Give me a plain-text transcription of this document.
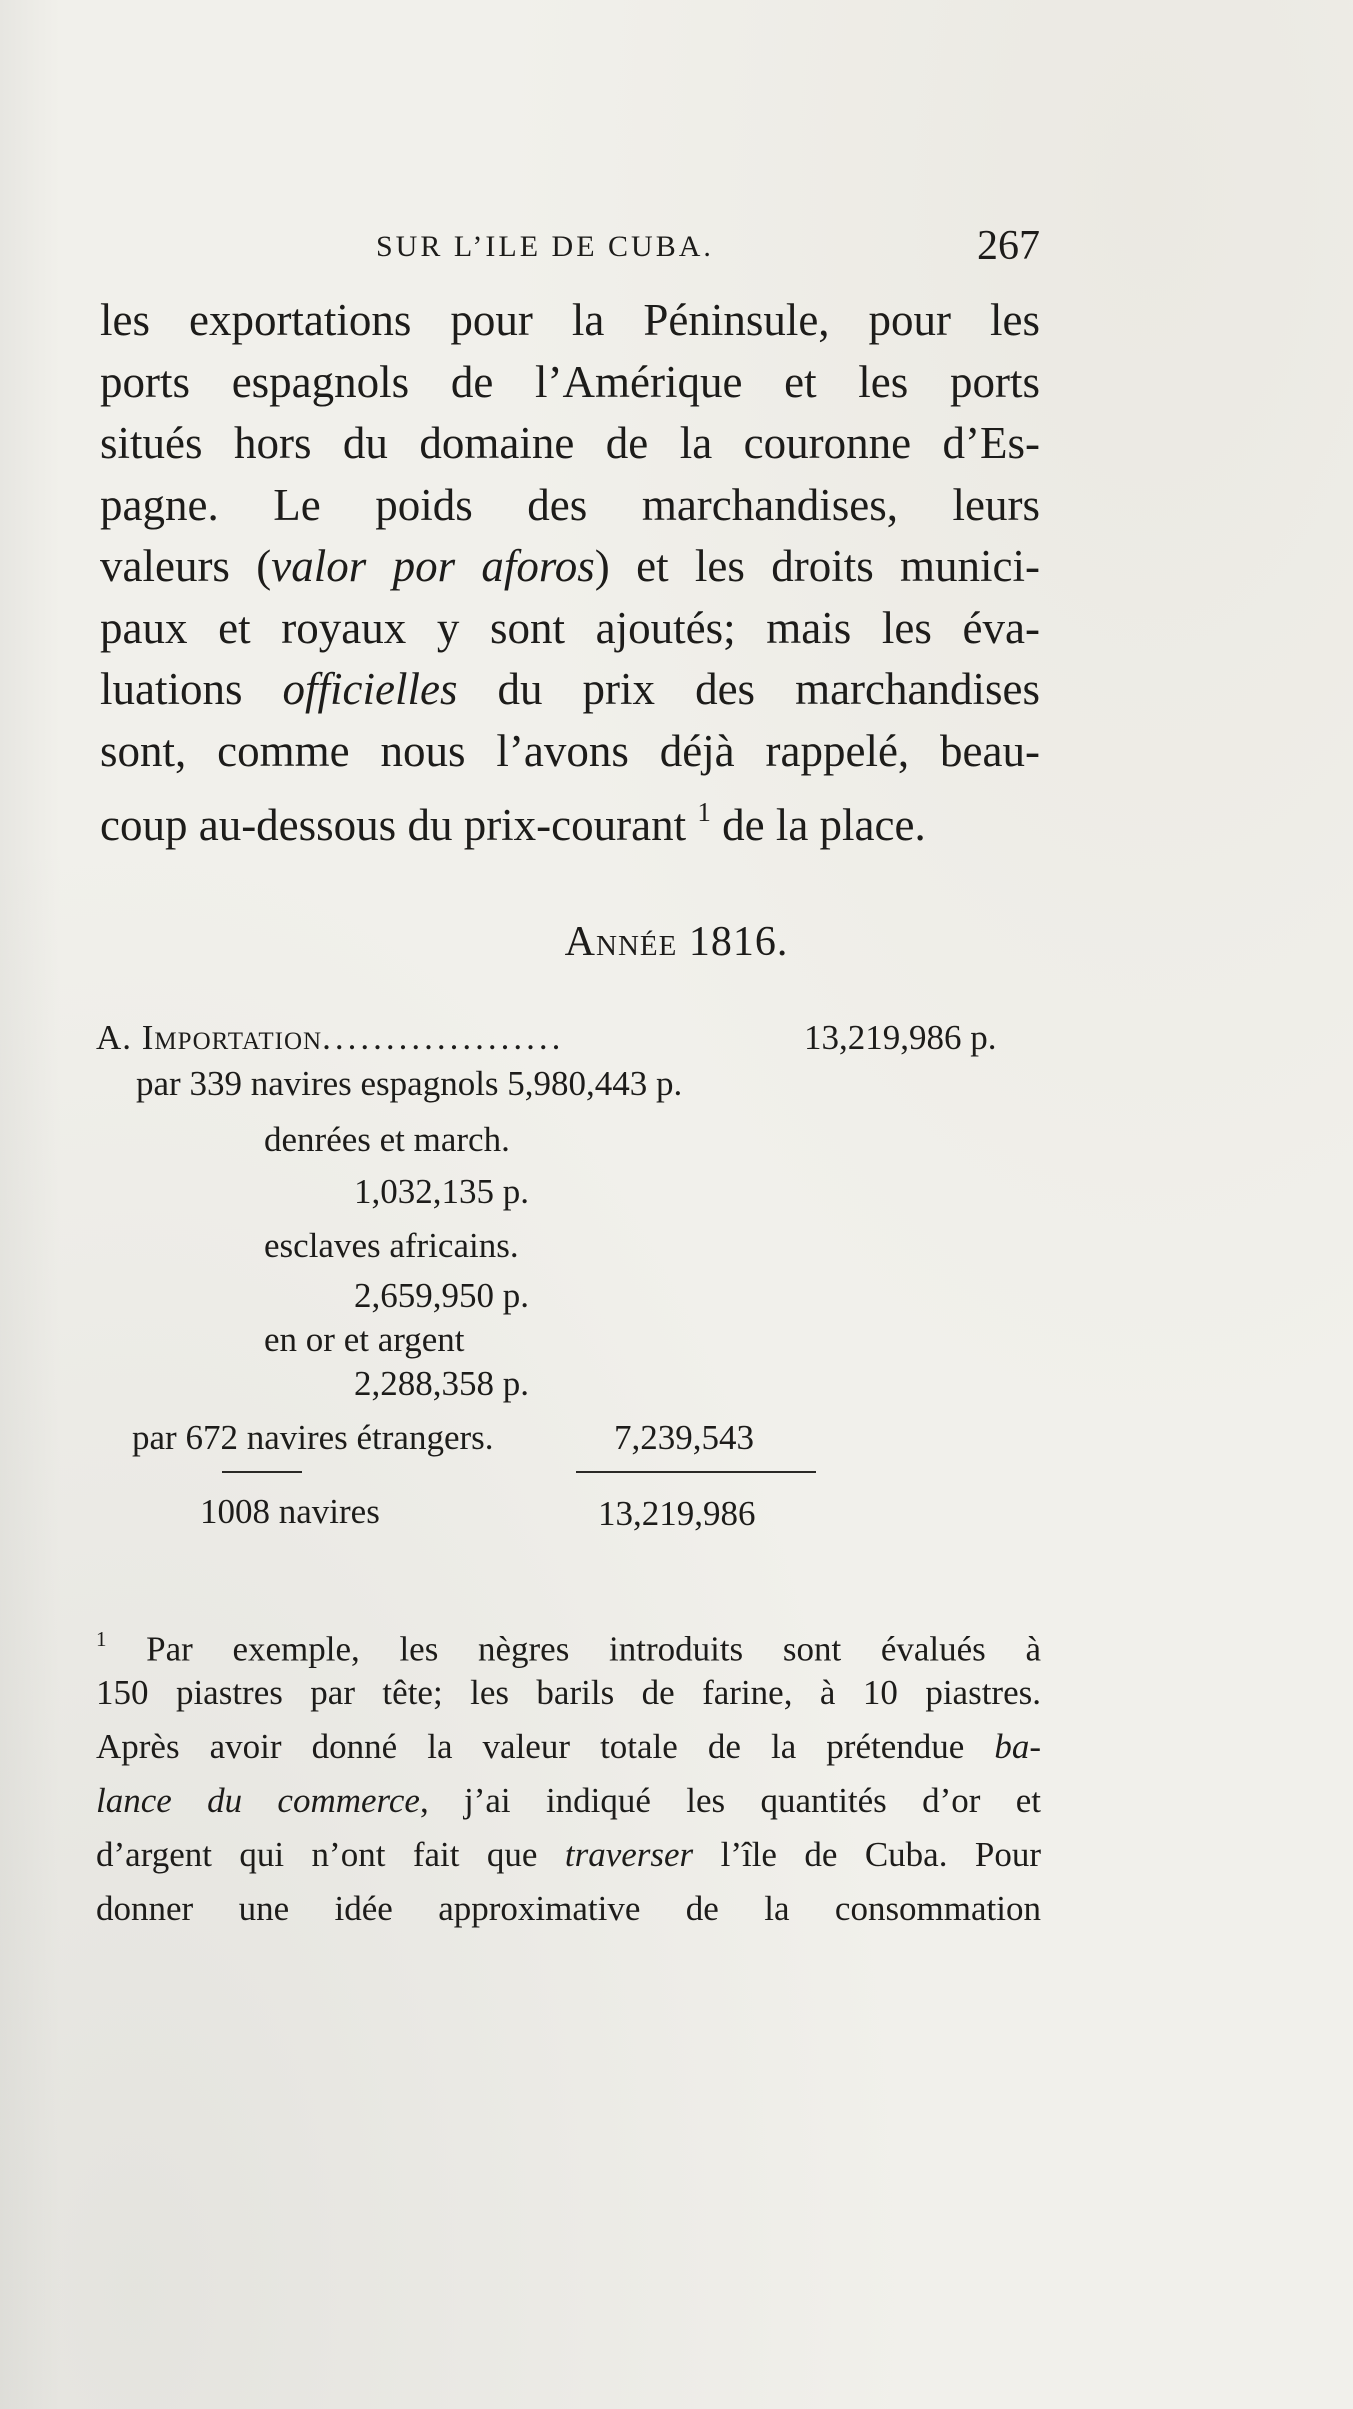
SUR L’ILE DE CUBA.	267
les exportations pour la Péninsule, pour les
ports espagnols de l’Amérique et les ports
situés hors du domaine de la couronne d’Es-
pagne. Le poids des marchandises, leurs
valeurs (valor por aforos) et les droits munici-
paux et royaux y sont ajoutés; mais les éva-
luations officielles du prix des marchandises
sont, comme nous l’avons déjà rappelé, beau-
coup au-dessous du prix-courant $^1$ de la place.
Année 1816.
A. Importation...................	13,219,986 p.
par 339 navires espagnols 5,980,443 p.
denrées et march.
1,032,135 p.
esclaves africains.
2,659,950 p.
en or et argent
2,288,358 p.
par 672 navires étrangers.	7,239,543
1008 navires	13,219,986
$^1$ Par exemple, les nègres introduits sont évalués à
150 piastres par tête; les barils de farine, à 10 piastres.
Après avoir donné la valeur totale de la prétendue ba-
lance du commerce, j’ai indiqué les quantités d’or et
d’argent qui n’ont fait que traverser l’île de Cuba. Pour
donner une idée approximative de la consommation
